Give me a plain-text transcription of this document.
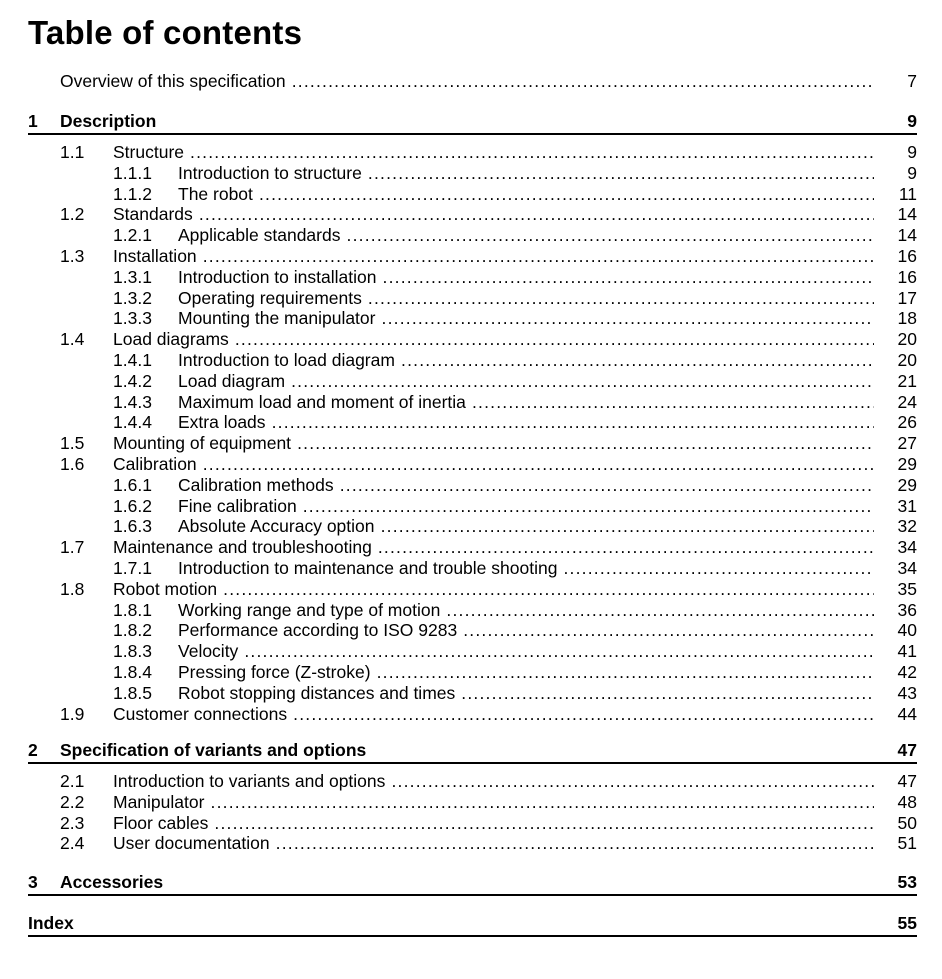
Table of contents
Overview of this specification .....	7
1 Description	9
1.1 Structure .....	9
1.1.1 Introduction to structure .....	9
1.1.2 The robot .....	11
1.2 Standards .....	14
1.2.1 Applicable standards .....	14
1.3 Installation .....	16
1.3.1 Introduction to installation .....	16
1.3.2 Operating requirements .....	17
1.3.3 Mounting the manipulator .....	18
1.4 Load diagrams .....	20
1.4.1 Introduction to load diagram .....	20
1.4.2 Load diagram .....	21
1.4.3 Maximum load and moment of inertia .....	24
1.4.4 Extra loads .....	26
1.5 Mounting of equipment .....	27
1.6 Calibration .....	29
1.6.1 Calibration methods .....	29
1.6.2 Fine calibration .....	31
1.6.3 Absolute Accuracy option .....	32
1.7 Maintenance and troubleshooting .....	34
1.7.1 Introduction to maintenance and trouble shooting .....	34
1.8 Robot motion .....	35
1.8.1 Working range and type of motion .....	36
1.8.2 Performance according to ISO 9283 .....	40
1.8.3 Velocity .....	41
1.8.4 Pressing force (Z-stroke) .....	42
1.8.5 Robot stopping distances and times .....	43
1.9 Customer connections .....	44
2 Specification of variants and options	47
2.1 Introduction to variants and options .....	47
2.2 Manipulator .....	48
2.3 Floor cables .....	50
2.4 User documentation .....	51
3 Accessories	53
Index	55
